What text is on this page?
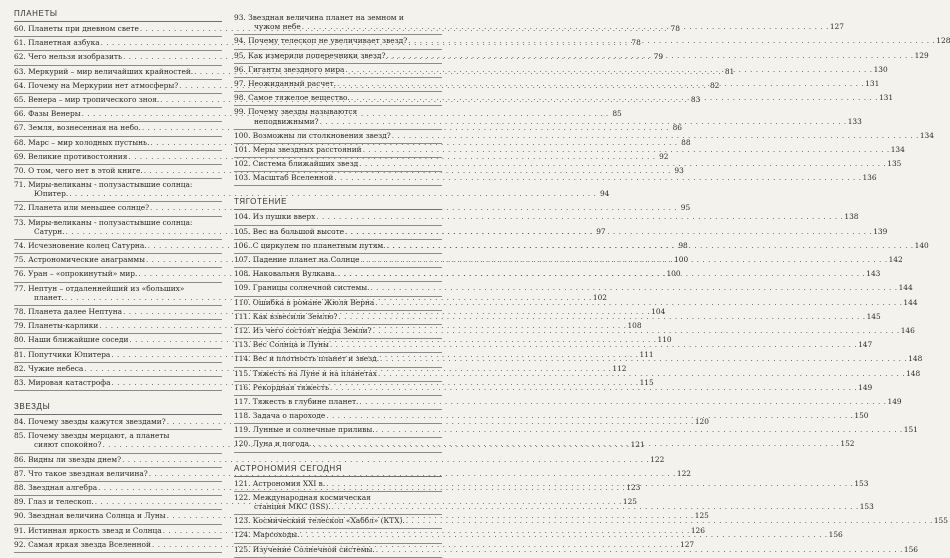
ПЛАНЕТЫ
60. Планеты при дневном свете . . .	78
61. Планетная азбука . . .	78
62. Чего нельзя изобразить . . .	79
63. Меркурий – мир величайших крайностей. . . .	81
64. Почему на Меркурии нет атмосферы? . . .	82
65. Венера – мир тропического зноя. . . .	83
66. Фазы Венеры . . .	85
67. Земля, вознесенная на небо. . . .	86
68. Марс – мир холодных пустынь. . . .	88
69. Великие противостояния . . .	92
70. О том, чего нет в этой книге. . . .	93
71. Миры-великаны - полузастывшие солнца:
Юпитер. . . .	94
72. Планета или меньшее солнце? . . .	95
73. Миры-великаны - полузастывшие солнца:
Сатурн. . . .	97
74. Исчезновение колец Сатурна. . . .	98
75. Астрономические анаграммы . . .	100
76. Уран – «опрокинутый» мир. . . .	100
77. Нептун – отдаленнейший из «больших»
планет. . . .	102
78. Планета далее Нептуна . . .	104
79. Планеты-карлики . . .	108
80. Наши ближайшие соседи . . .	110
81. Попутчики Юпитера . . .	111
82. Чужие небеса . . .	112
83. Мировая катастрофа . . .	115
ЗВЕЗДЫ
84. Почему звезды кажутся звездами? . . .	120
85. Почему звезды мерцают, а планеты
сияют спокойно? . . .	121
86. Видны ли звезды днем? . . .	122
87. Что такое звездная величина? . . .	122
88. Звездная алгебра . . .	123
89. Глаз и телескоп. . . .	125
90. Звездная величина Солнца и Луны . . .	125
91. Истинная яркость звезд и Солнца . . .	126
92. Самая яркая звезда Вселенной . . .	127
93. Звездная величина планет на земном и
чужом небе . . .	127
94. Почему телескоп не увеличивает звезд? . . .	128
95. Как измерили поперечники звезд? . . .	129
96. Гиганты звездного мира . . .	130
97. Неожиданный расчет. . . .	131
98. Самое тяжелое вещество. . . .	131
99. Почему звезды называются
неподвижными? . . .	133
100. Возможны ли столкновения звезд? . . .	134
101. Меры звездных расстояний . . .	134
102. Система ближайших звезд . . .	135
103. Масштаб Вселенной . . .	136
ТЯГОТЕНИЕ
104. Из пушки вверх . . .	138
105. Вес на большой высоте . . .	139
106. С циркулем по планетным путям. . . .	140
107. Падение планет на Солнце . . .	142
108. Наковальня Вулкана. . . .	143
109. Границы солнечной системы. . . .	144
110. Ошибка в романе Жюля Верна . . .	144
111. Как взвесили Землю? . . .	145
112. Из чего состоят недра Земли? . . .	146
113. Вес Солнца и Луны . . .	147
114. Вес и плотность планет и звезд. . . .	148
115. Тяжесть на Луне и на планетах . . .	148
116. Рекордная тяжесть . . .	149
117. Тяжесть в глубине планет. . . .	149
118. Задача о пароходе . . .	150
119. Лунные и солнечные приливы. . . .	151
120. Луна и погода. . . .	152
АСТРОНОМИЯ СЕГОДНЯ
121. Астрономия XXI в. . . .	153
122. Международная космическая
станция МКС (ISS). . . .	153
123. Космический телескоп «Хаббл» (КТХ). . . .	155
124. Марсоходы. . . .	156
125. Изучение Солнечной системы. . . .	156
